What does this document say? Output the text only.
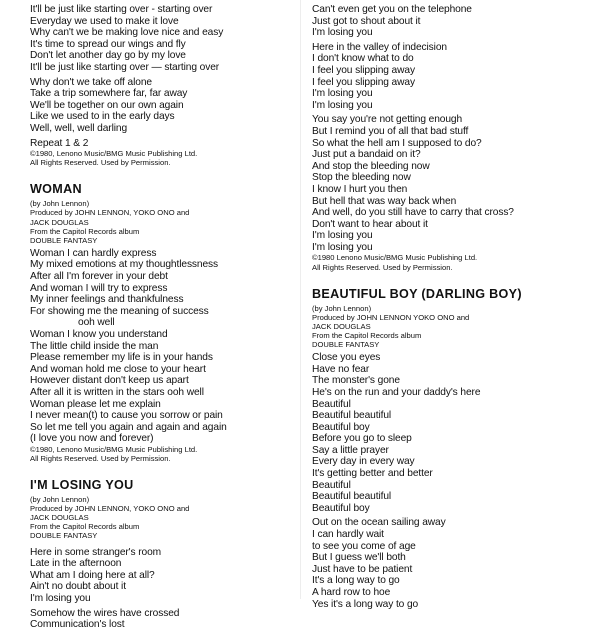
It'll be just like starting over - starting over
Everyday we used to make it love
Why can't we be making love nice and easy
It's time to spread our wings and fly
Don't let another day go by my love
It'll be just like starting over — starting over
Why don't we take off alone
Take a trip somewhere far, far away
We'll be together on our own again
Like we used to in the early days
Well, well, well darling
Repeat 1 & 2
©1980, Lenono Music/BMG Music Publishing Ltd.
All Rights Reserved. Used by Permission.
WOMAN
(by John Lennon)
Produced by JOHN LENNON, YOKO ONO and
JACK DOUGLAS
From the Capitol Records album
DOUBLE FANTASY
Woman I can hardly express
My mixed emotions at my thoughtlessness
After all I'm forever in your debt
And woman I will try to express
My inner feelings and thankfulness
For showing me the meaning of success
ooh well
Woman I know you understand
The little child inside the man
Please remember my life is in your hands
And woman hold me close to your heart
However distant don't keep us apart
After all it is written in the stars ooh well
Woman please let me explain
I never mean(t) to cause you sorrow or pain
So let me tell you again and again and again
(I love you now and forever)
©1980, Lenono Music/BMG Music Publishing Ltd.
All Rights Reserved. Used by Permission.
I'M LOSING YOU
(by John Lennon)
Produced by JOHN LENNON, YOKO ONO and
JACK DOUGLAS
From the Capitol Records album
DOUBLE FANTASY
Here in some stranger's room
Late in the afternoon
What am I doing here at all?
Ain't no doubt about it
I'm losing you
Somehow the wires have crossed
Communication's lost
Can't even get you on the telephone
Just got to shout about it
I'm losing you
Here in the valley of indecision
I don't know what to do
I feel you slipping away
I feel you slipping away
I'm losing you
I'm losing you
You say you're not getting enough
But I remind you of all that bad stuff
So what the hell am I supposed to do?
Just put a bandaid on it?
And stop the bleeding now
Stop the bleeding now
I know I hurt you then
But hell that was way back when
And well, do you still have to carry that cross?
Don't want to hear about it
I'm losing you
I'm losing you
©1980 Lenono Music/BMG Music Publishing Ltd.
All Rights Reserved. Used by Permission.
BEAUTIFUL BOY (DARLING BOY)
(by John Lennon)
Produced by JOHN LENNON YOKO ONO and
JACK DOUGLAS
From the Capitol Records album
DOUBLE FANTASY
Close you eyes
Have no fear
The monster's gone
He's on the run and your daddy's here
Beautiful
Beautiful beautiful
Beautiful boy
Before you go to sleep
Say a little prayer
Every day in every way
It's getting better and better
Beautiful
Beautiful beautiful
Beautiful boy
Out on the ocean sailing away
I can hardly wait
to see you come of age
But I guess we'll both
Just have to be patient
It's a long way to go
A hard row to hoe
Yes it's a long way to go
